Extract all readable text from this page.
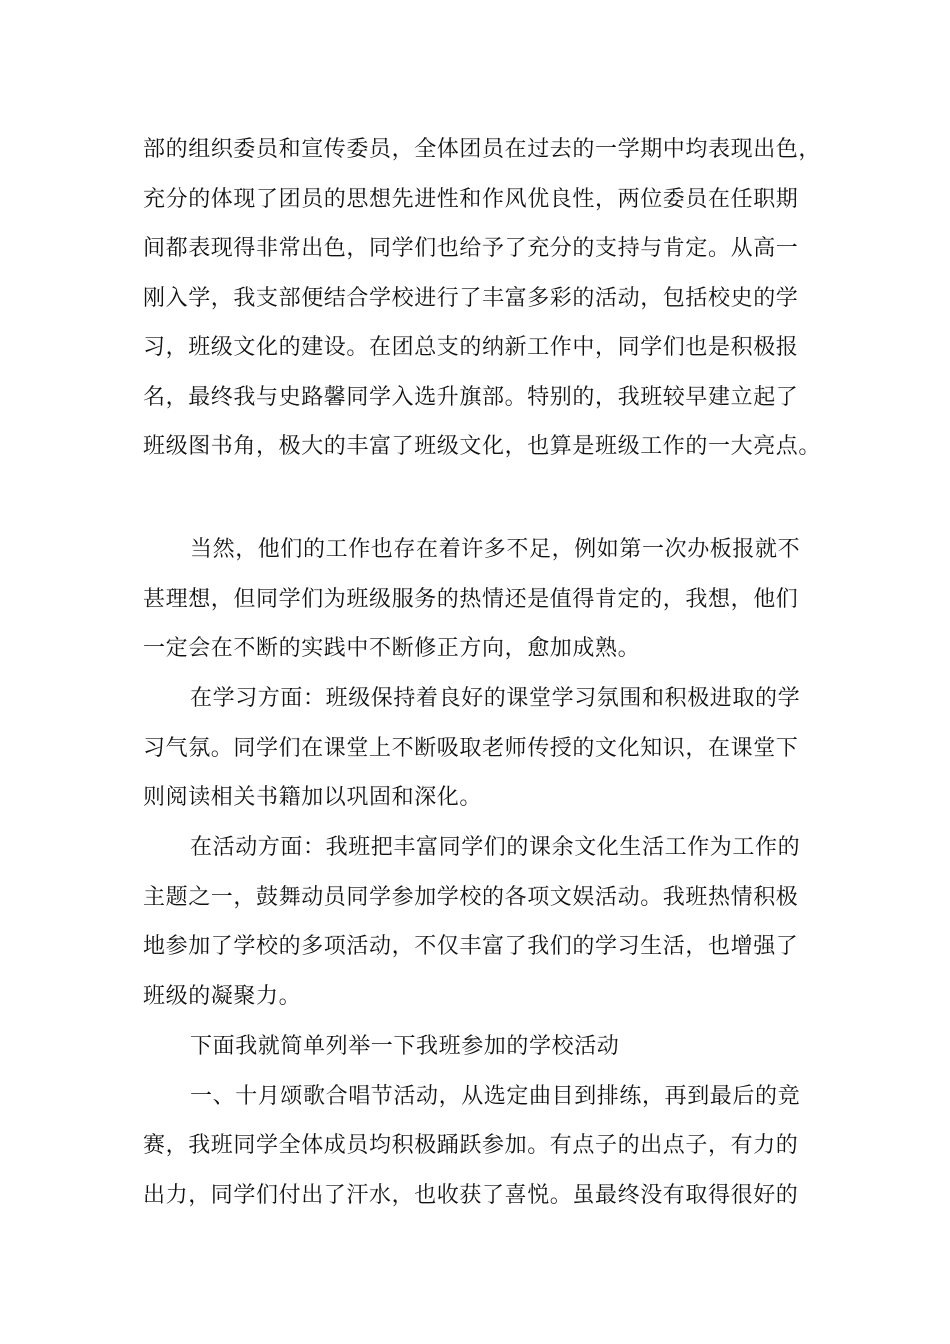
部的组织委员和宣传委员，全体团员在过去的一学期中均表现出色，
充分的体现了团员的思想先进性和作风优良性，两位委员在任职期
间都表现得非常出色，同学们也给予了充分的支持与肯定。从高一
刚入学，我支部便结合学校进行了丰富多彩的活动，包括校史的学
习，班级文化的建设。在团总支的纳新工作中，同学们也是积极报
名，最终我与史路馨同学入选升旗部。特别的，我班较早建立起了
班级图书角，极大的丰富了班级文化，也算是班级工作的一大亮点。
当然，他们的工作也存在着许多不足，例如第一次办板报就不
甚理想，但同学们为班级服务的热情还是值得肯定的，我想，他们
一定会在不断的实践中不断修正方向，愈加成熟。
在学习方面：班级保持着良好的课堂学习氛围和积极进取的学
习气氛。同学们在课堂上不断吸取老师传授的文化知识，在课堂下
则阅读相关书籍加以巩固和深化。
在活动方面：我班把丰富同学们的课余文化生活工作为工作的
主题之一，鼓舞动员同学参加学校的各项文娱活动。我班热情积极
地参加了学校的多项活动，不仅丰富了我们的学习生活，也增强了
班级的凝聚力。
下面我就简单列举一下我班参加的学校活动
一、十月颂歌合唱节活动，从选定曲目到排练，再到最后的竞
赛，我班同学全体成员均积极踊跃参加。有点子的出点子，有力的
出力，同学们付出了汗水，也收获了喜悦。虽最终没有取得很好的
